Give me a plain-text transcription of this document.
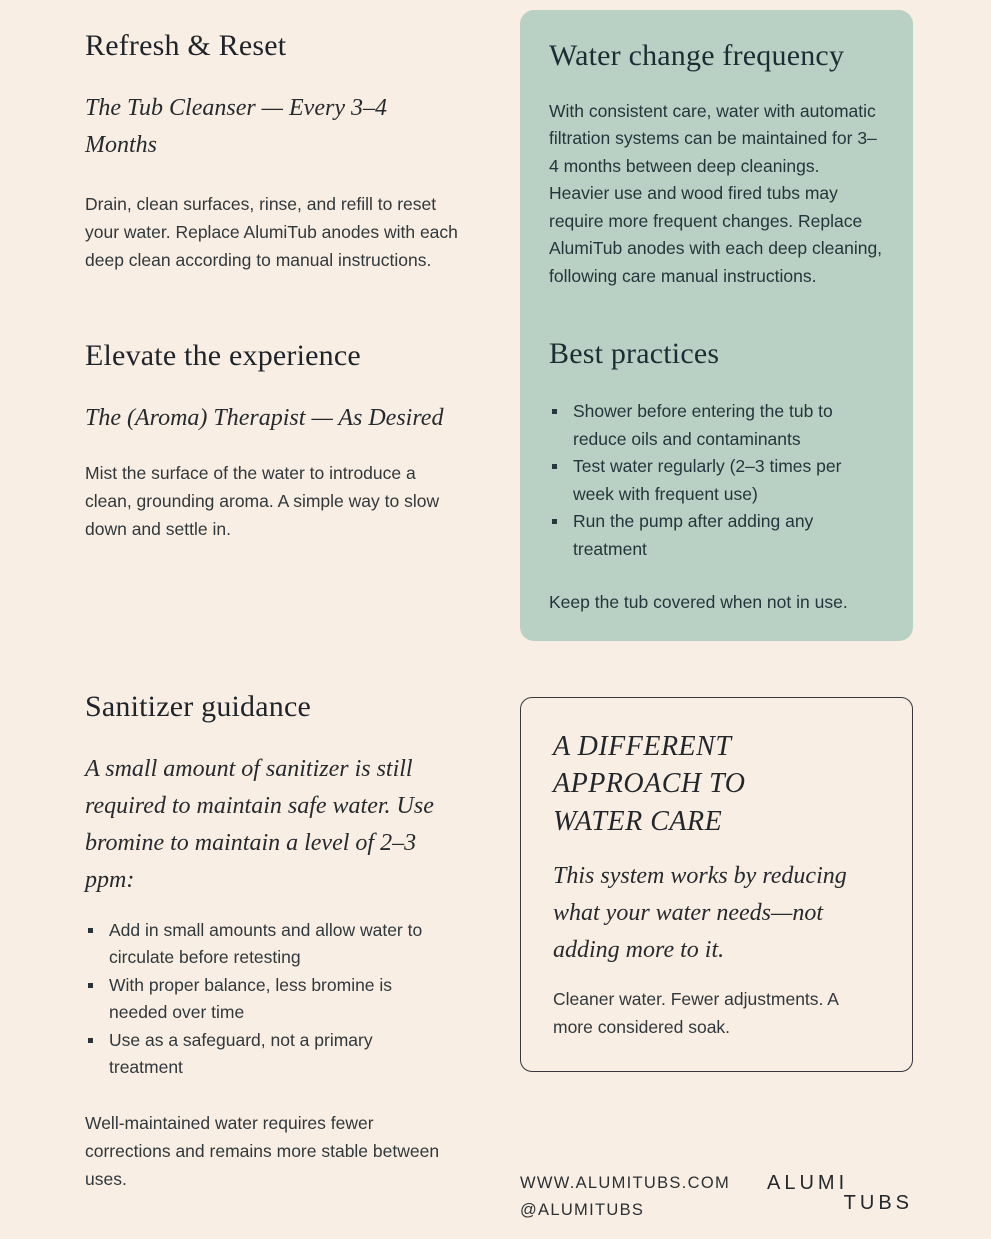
Refresh & Reset

The Tub Cleanser — Every 3–4 Months

Drain, clean surfaces, rinse, and refill to reset your water. Replace AlumiTub anodes with each deep clean according to manual instructions.

Elevate the experience

The (Aroma) Therapist — As Desired

Mist the surface of the water to introduce a clean, grounding aroma. A simple way to slow down and settle in.

Sanitizer guidance

A small amount of sanitizer is still required to maintain safe water. Use bromine to maintain a level of 2–3 ppm:

Add in small amounts and allow water to circulate before retesting
With proper balance, less bromine is needed over time
Use as a safeguard, not a primary treatment

Well-maintained water requires fewer corrections and remains more stable between uses.

Water change frequency

With consistent care, water with automatic filtration systems can be maintained for 3–4 months between deep cleanings. Heavier use and wood fired tubs may require more frequent changes. Replace AlumiTub anodes with each deep cleaning, following care manual instructions.

Best practices
Shower before entering the tub to reduce oils and contaminants
Test water regularly (2–3 times per week with frequent use)
Run the pump after adding any treatment

Keep the tub covered when not in use.

A DIFFERENT APPROACH TO WATER CARE

This system works by reducing what your water needs—not adding more to it.

Cleaner water. Fewer adjustments. A more considered soak.

WWW.ALUMITUBS.COM
@ALUMITUBS
ALUMI
TUBS
